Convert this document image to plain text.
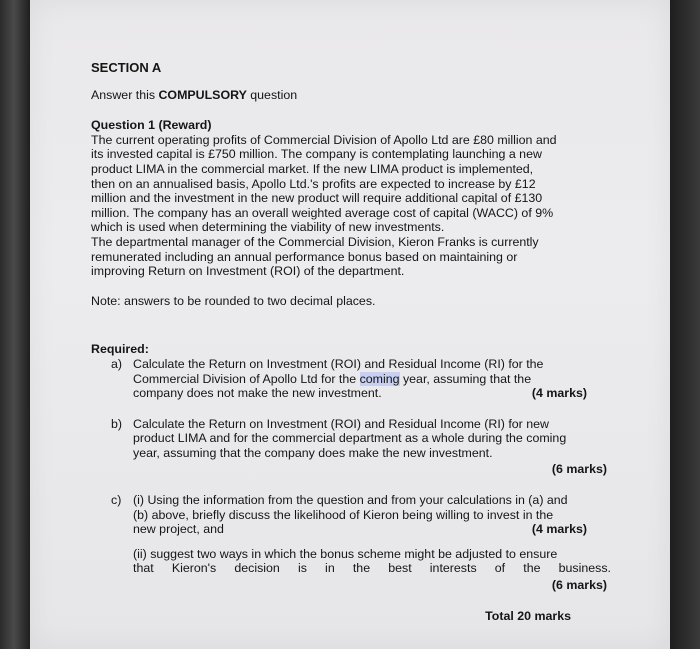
SECTION A
Answer this COMPULSORY question
Question 1 (Reward)
The current operating profits of Commercial Division of Apollo Ltd are £80 million and
its invested capital is £750 million. The company is contemplating launching a new
product LIMA in the commercial market. If the new LIMA product is implemented,
then on an annualised basis, Apollo Ltd.'s profits are expected to increase by £12
million and the investment in the new product will require additional capital of £130
million. The company has an overall weighted average cost of capital (WACC) of 9%
which is used when determining the viability of new investments.
The departmental manager of the Commercial Division, Kieron Franks is currently
remunerated including an annual performance bonus based on maintaining or
improving Return on Investment (ROI) of the department.
Note: answers to be rounded to two decimal places.
Required:
a) Calculate the Return on Investment (ROI) and Residual Income (RI) for the
Commercial Division of Apollo Ltd for the coming year, assuming that the
company does not make the new investment.	(4 marks)
b) Calculate the Return on Investment (ROI) and Residual Income (RI) for new
product LIMA and for the commercial department as a whole during the coming
year, assuming that the company does make the new investment.
(6 marks)
c) (i) Using the information from the question and from your calculations in (a) and
(b) above, briefly discuss the likelihood of Kieron being willing to invest in the
new project, and	(4 marks)
(ii) suggest two ways in which the bonus scheme might be adjusted to ensure
that Kieron's decision is in the best interests of the business.
(6 marks)
Total 20 marks
